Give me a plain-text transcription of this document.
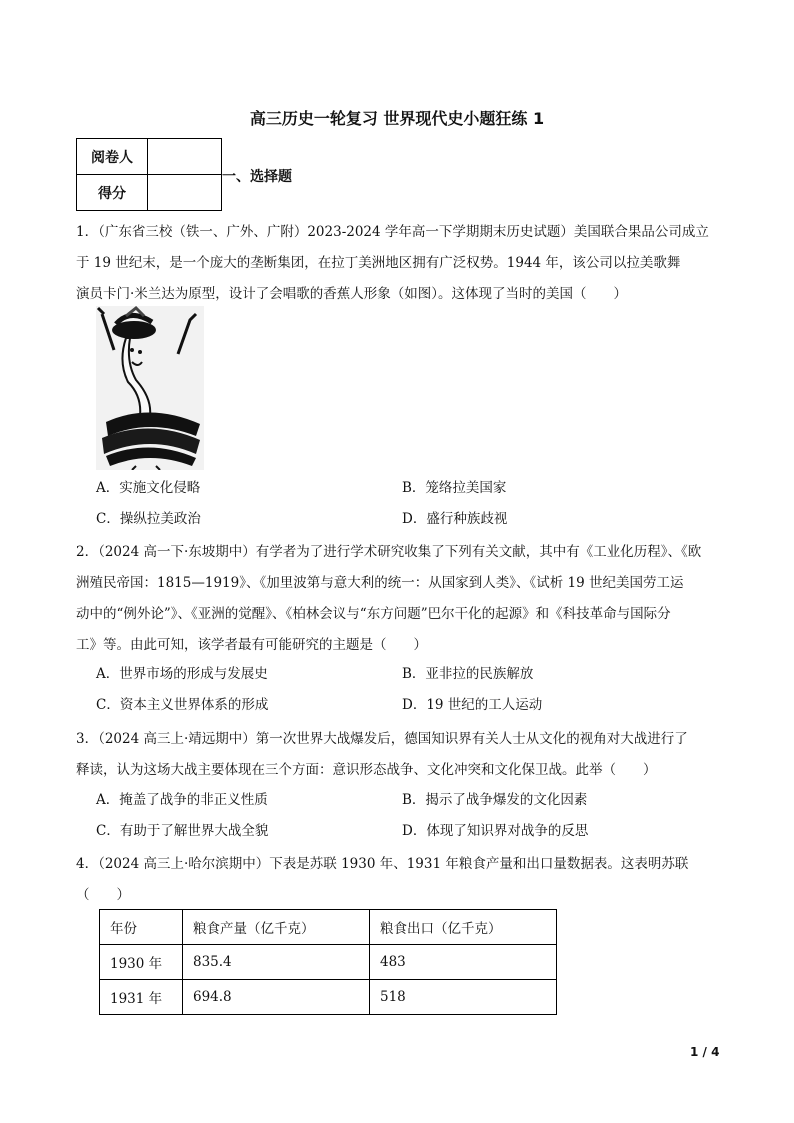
高三历史一轮复习 世界现代史小题狂练 1
阅卷人	
得分	
一、选择题
1．（广东省三校（铁一、广外、广附）2023-2024 学年高一下学期期末历史试题）美国联合果品公司成立
于 19 世纪末，是一个庞大的垄断集团，在拉丁美洲地区拥有广泛权势。1944 年，该公司以拉美歌舞
演员卡门·米兰达为原型，设计了会唱歌的香蕉人形象（如图）。这体现了当时的美国（　　）
A．实施文化侵略	B．笼络拉美国家
C．操纵拉美政治	D．盛行种族歧视
2．（2024 高一下·东坡期中）有学者为了进行学术研究收集了下列有关文献，其中有《工业化历程》、《欧
洲殖民帝国：1815—1919》、《加里波第与意大利的统一：从国家到人类》、《试析 19 世纪美国劳工运
动中的“例外论”》、《亚洲的觉醒》、《柏林会议与“东方问题”巴尔干化的起源》和《科技革命与国际分
工》等。由此可知，该学者最有可能研究的主题是（　　）
A．世界市场的形成与发展史	B．亚非拉的民族解放
C．资本主义世界体系的形成	D．19 世纪的工人运动
3．（2024 高三上·靖远期中）第一次世界大战爆发后，德国知识界有关人士从文化的视角对大战进行了
释读，认为这场大战主要体现在三个方面：意识形态战争、文化冲突和文化保卫战。此举（　　）
A．掩盖了战争的非正义性质	B．揭示了战争爆发的文化因素
C．有助于了解世界大战全貌	D．体现了知识界对战争的反思
4．（2024 高三上·哈尔滨期中）下表是苏联 1930 年、1931 年粮食产量和出口量数据表。这表明苏联
（　　）
年份	粮食产量（亿千克）	粮食出口（亿千克）
1930 年	835.4	483
1931 年	694.8	518
1 / 4
